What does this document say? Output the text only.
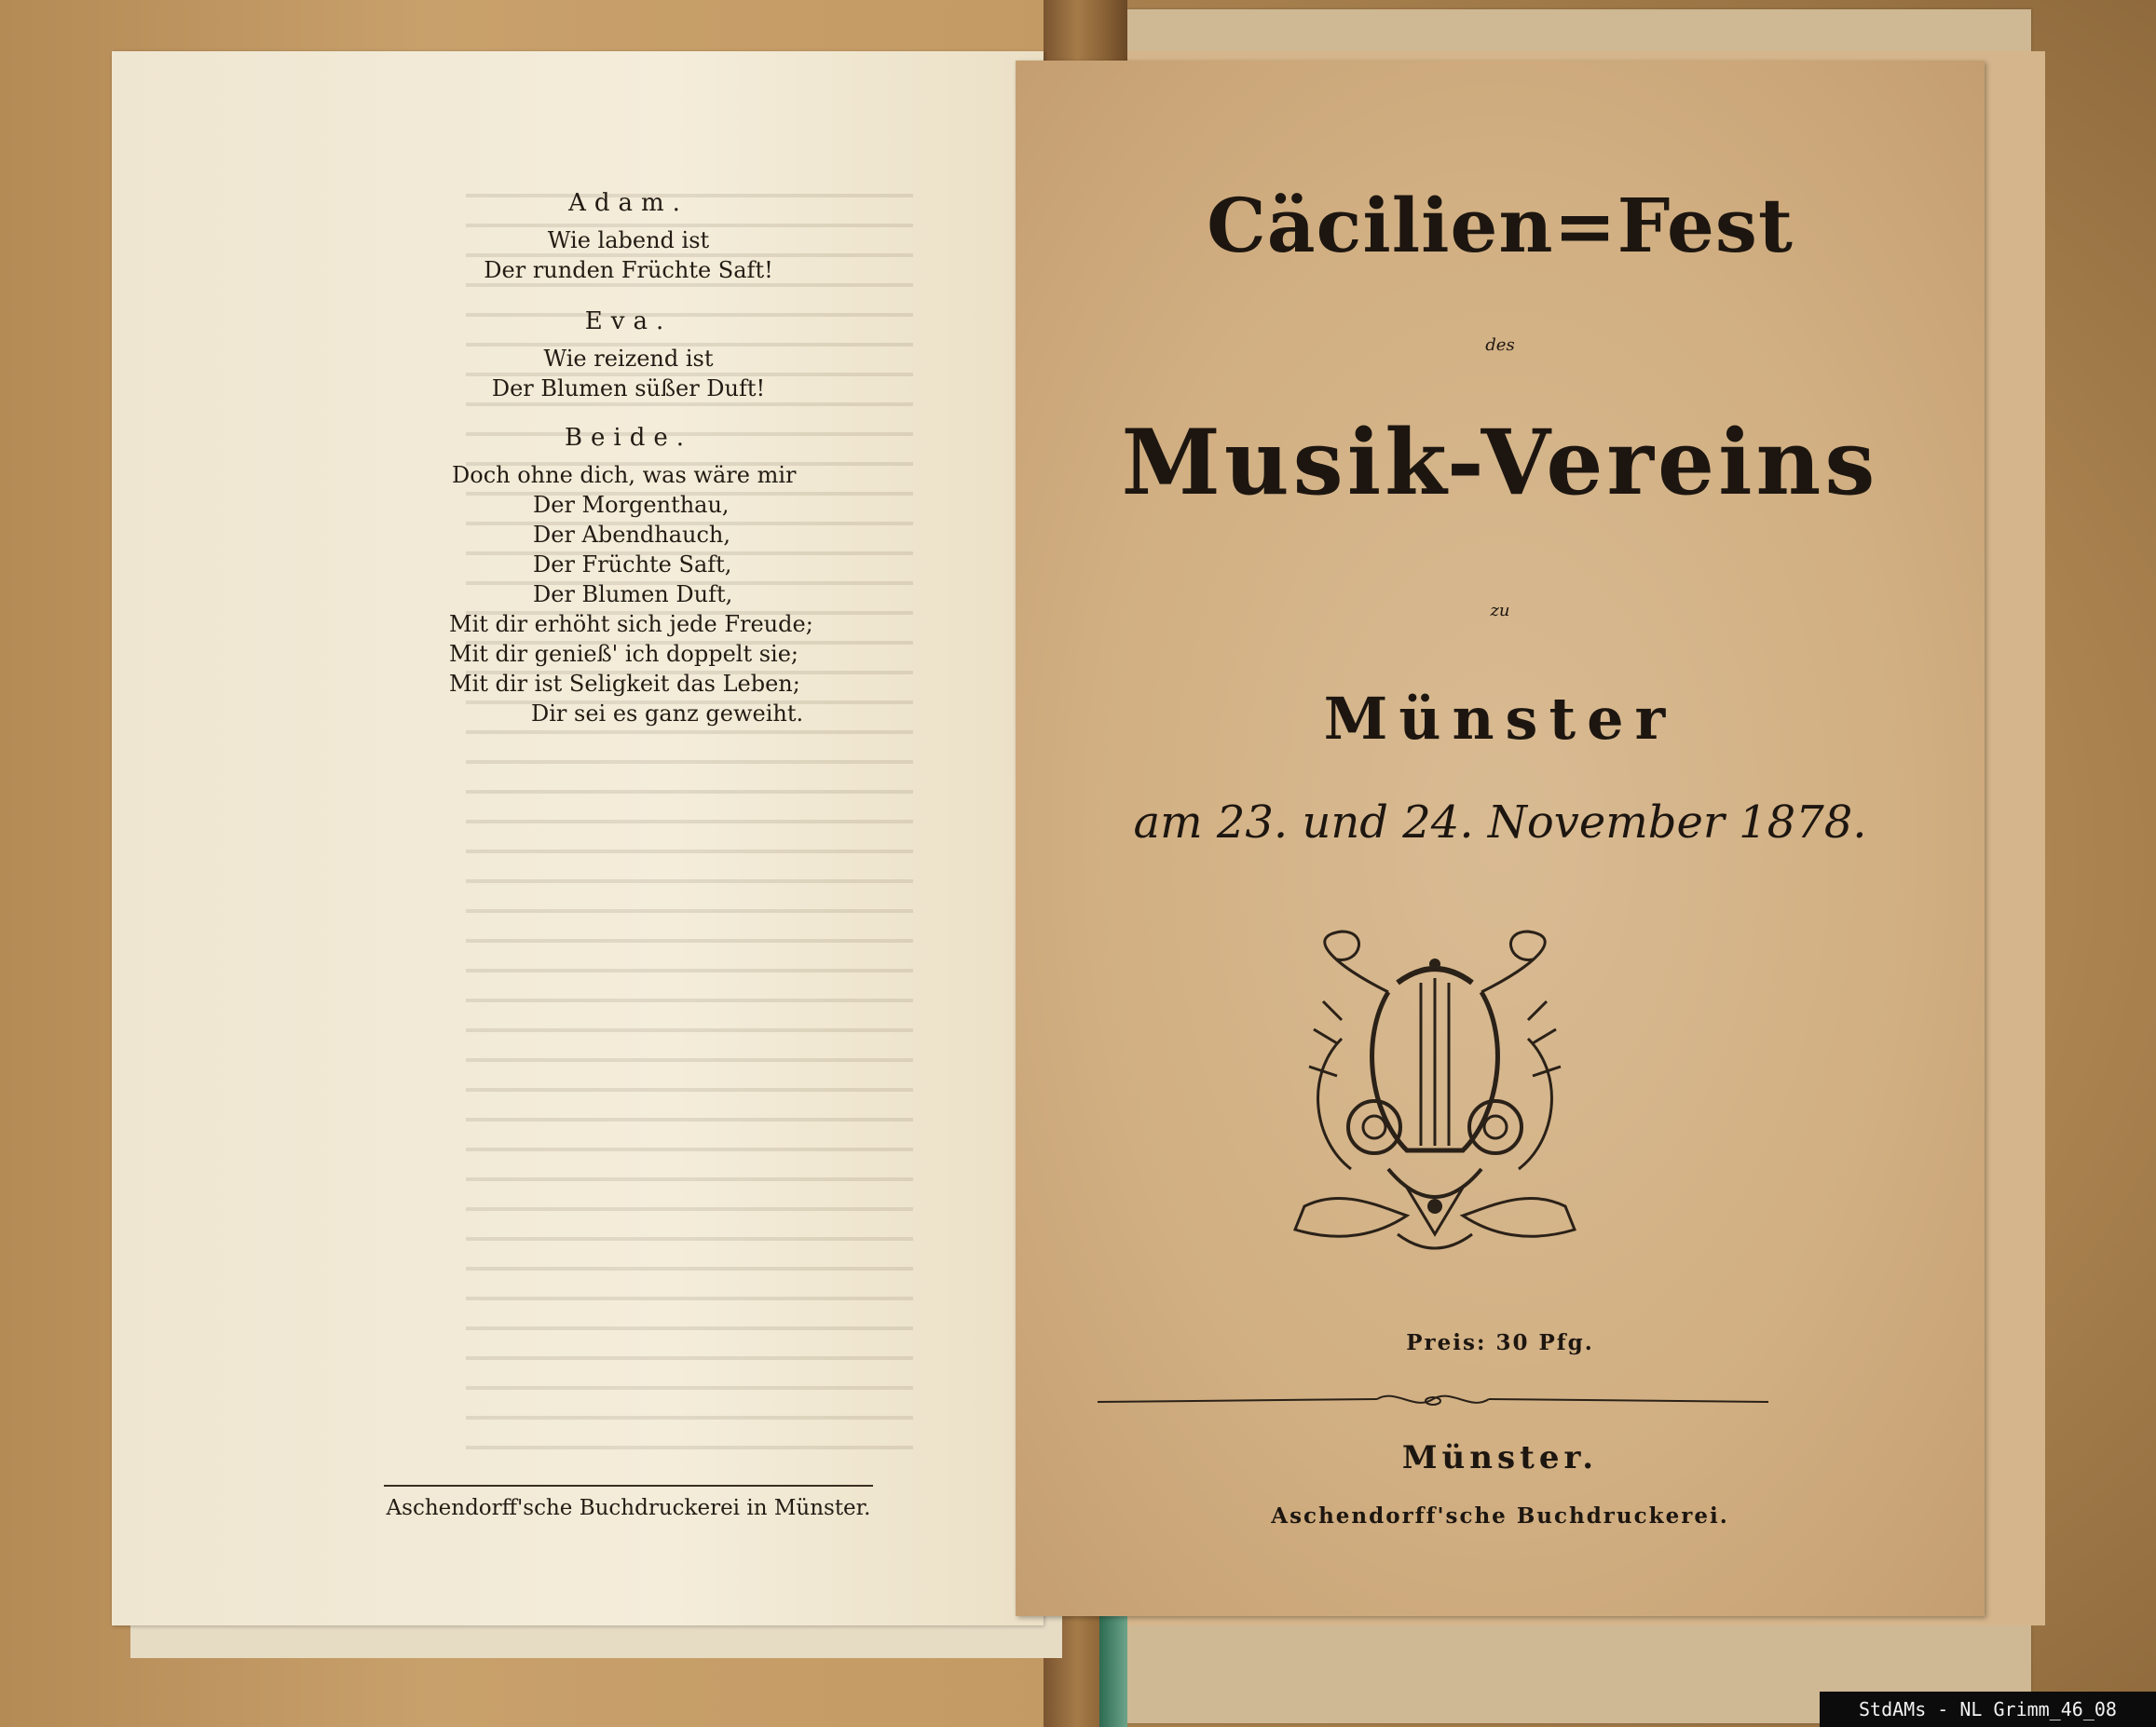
Adam.
Wie labend ist
Der runden Früchte Saft!
Eva.
Wie reizend ist
Der Blumen süßer Duft!
Beide.
Doch ohne dich, was wäre mir
Der Morgenthau,
Der Abendhauch,
Der Früchte Saft,
Der Blumen Duft,
Mit dir erhöht sich jede Freude;
Mit dir genieß' ich doppelt sie;
Mit dir ist Seligkeit das Leben;
Dir sei es ganz geweiht.
Aschendorff'sche Buchdruckerei in Münster.
Cäcilien=Fest
des
Musik-Vereins
zu
Münster
am 23. und 24. November 1878.
Preis: 30 Pfg.
Münster.
Aschendorff'sche Buchdruckerei.
StdAMs - NL Grimm_46_08
